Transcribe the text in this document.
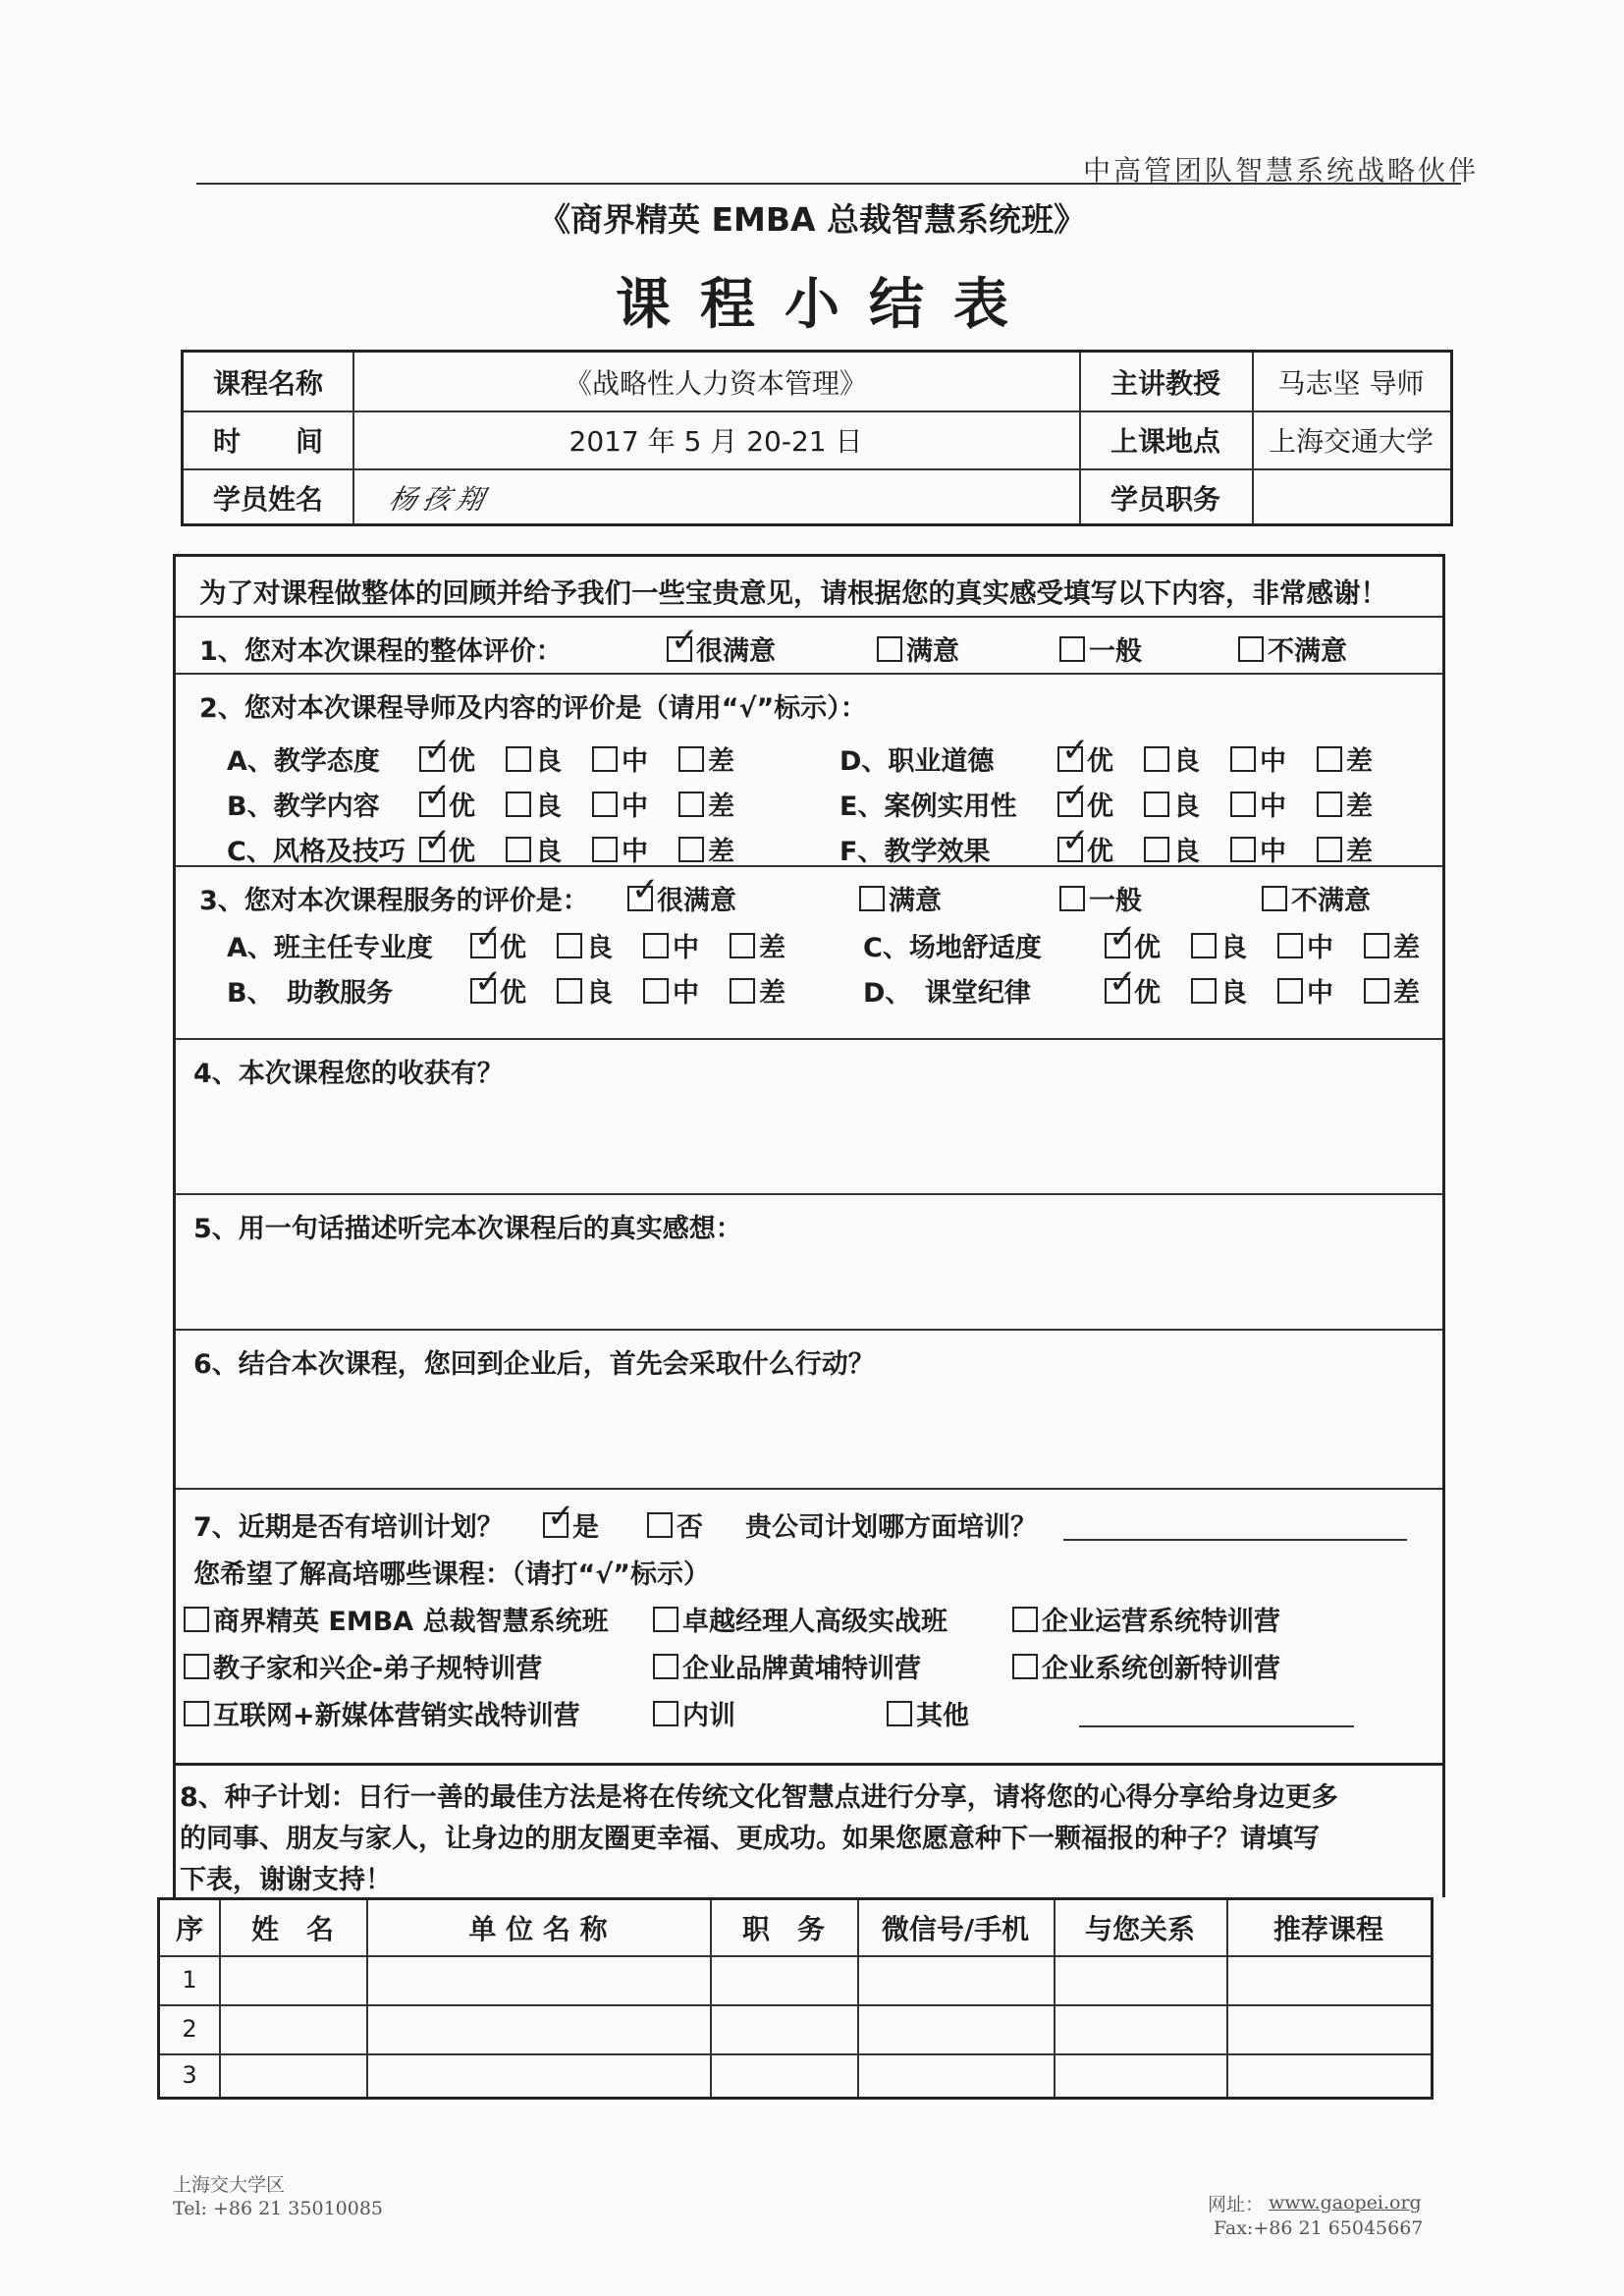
中高管团队智慧系统战略伙伴
《商界精英 EMBA 总裁智慧系统班》
课程小结表
课程名称	《战略性人力资本管理》	主讲教授	马志坚 导师
时　　间	2017 年 5 月 20-21 日	上课地点	上海交通大学
学员姓名	杨孩翔	学员职务
为了对课程做整体的回顾并给予我们一些宝贵意见，请根据您的真实感受填写以下内容，非常感谢！
1、您对本次课程的整体评价： ✓	很满意	满意	一般	不满意
2、您对本次课程导师及内容的评价是（请用“√”标示）：
A、教学态度 ✓	优 良 中 差
B、教学内容 ✓	优 良 中 差
C、风格及技巧 ✓ 优 良 中 差
D、职业道德 ✓	优 良 中 差
E、案例实用性 ✓	优 良 中 差
F、教学效果 ✓	优 良 中 差
3、您对本次课程服务的评价是： ✓	很满意	满意	一般	不满意
A、班主任专业度 ✓	优 良 中 差
B、　助教服务 ✓	优 良 中 差
C、场地舒适度 ✓	优 良 中 差
D、　课堂纪律 ✓	优 良 中 差
4、本次课程您的收获有？
5、用一句话描述听完本次课程后的真实感想：
6、结合本次课程，您回到企业后，首先会采取什么行动？
7、近期是否有培训计划？ ✓	是	否 贵公司计划哪方面培训？
您希望了解高培哪些课程：（请打“√”标示）
商界精英 EMBA 总裁智慧系统班	卓越经理人高级实战班	企业运营系统特训营
教子家和兴企-弟子规特训营	企业品牌黄埔特训营	企业系统创新特训营
互联网+新媒体营销实战特训营	内训	其他
8、种子计划：日行一善的最佳方法是将在传统文化智慧点进行分享，请将您的心得分享给身边更多
的同事、朋友与家人，让身边的朋友圈更幸福、更成功。如果您愿意种下一颗福报的种子？请填写
下表，谢谢支持！
序	姓　名	单 位 名 称	职　务	微信号/手机	与您关系	推荐课程
1
2
3
上海交大学区
Tel: +86 21 35010085	网址： www.gaopei.org
Fax:+86 21 65045667
